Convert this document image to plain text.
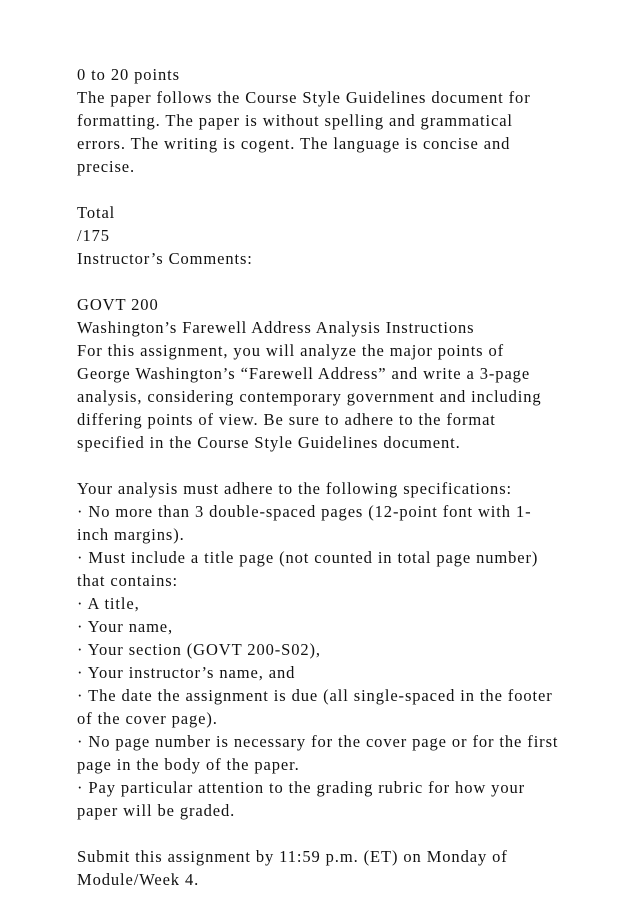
0 to 20 points
The paper follows the Course Style Guidelines document for
formatting. The paper is without spelling and grammatical
errors. The writing is cogent. The language is concise and
precise.
Total
/175
Instructor’s Comments:
GOVT 200
Washington’s Farewell Address Analysis Instructions
For this assignment, you will analyze the major points of
George Washington’s “Farewell Address” and write a 3-page
analysis, considering contemporary government and including
differing points of view. Be sure to adhere to the format
specified in the Course Style Guidelines document.
Your analysis must adhere to the following specifications:
· No more than 3 double-spaced pages (12-point font with 1-
inch margins).
· Must include a title page (not counted in total page number)
that contains:
· A title,
· Your name,
· Your section (GOVT 200-S02),
· Your instructor’s name, and
· The date the assignment is due (all single-spaced in the footer
of the cover page).
· No page number is necessary for the cover page or for the first
page in the body of the paper.
· Pay particular attention to the grading rubric for how your
paper will be graded.
Submit this assignment by 11:59 p.m. (ET) on Monday of
Module/Week 4.
